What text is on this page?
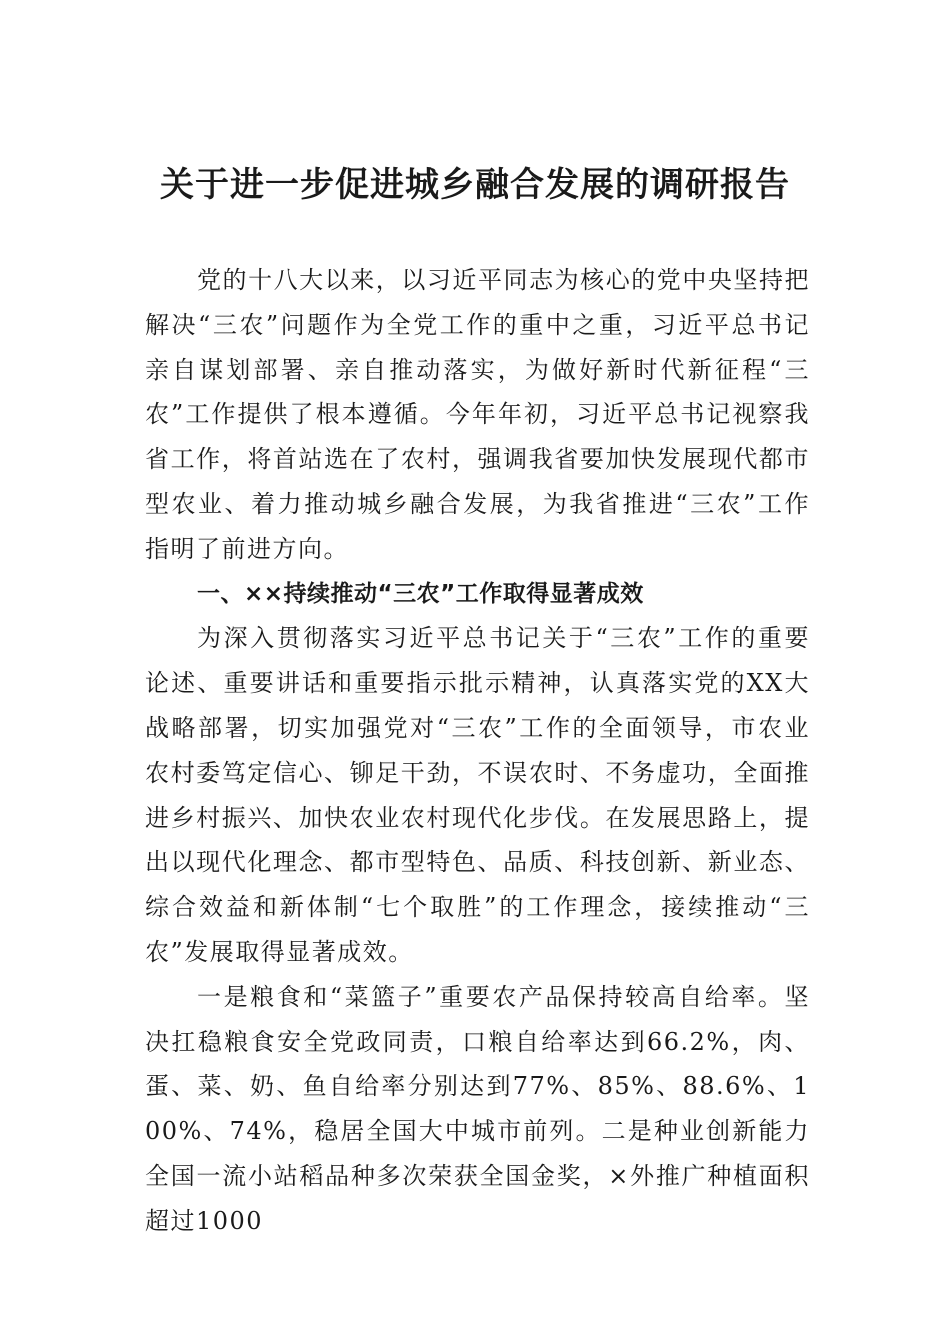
关于进一步促进城乡融合发展的调研报告

党的十八大以来，以习近平同志为核心的党中央坚持把解决“三农”问题作为全党工作的重中之重，习近平总书记亲自谋划部署、亲自推动落实，为做好新时代新征程“三农”工作提供了根本遵循。今年年初，习近平总书记视察我省工作，将首站选在了农村，强调我省要加快发展现代都市型农业、着力推动城乡融合发展，为我省推进“三农”工作指明了前进方向。

一、××持续推动“三农”工作取得显著成效

为深入贯彻落实习近平总书记关于“三农”工作的重要论述、重要讲话和重要指示批示精神，认真落实党的XX大战略部署，切实加强党对“三农”工作的全面领导，市农业农村委笃定信心、铆足干劲，不误农时、不务虚功，全面推进乡村振兴、加快农业农村现代化步伐。在发展思路上，提出以现代化理念、都市型特色、品质、科技创新、新业态、综合效益和新体制“七个取胜”的工作理念，接续推动“三农”发展取得显著成效。

一是粮食和“菜篮子”重要农产品保持较高自给率。坚决扛稳粮食安全党政同责，口粮自给率达到66.2%，肉、蛋、菜、奶、鱼自给率分别达到77%、85%、88.6%、100%、74%，稳居全国大中城市前列。二是种业创新能力全国一流小站稻品种多次荣获全国金奖，×外推广种植面积超过1000
